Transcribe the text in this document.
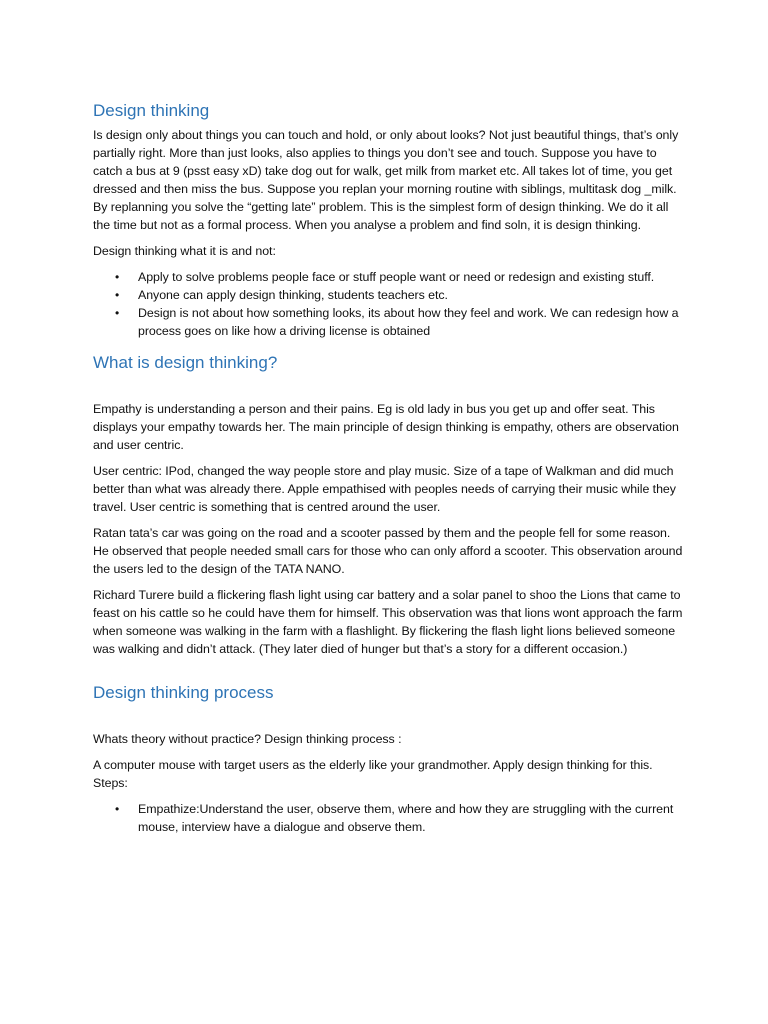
Design thinking

Is design only about things you can touch and hold, or only about looks? Not just beautiful things, that’s only partially right. More than just looks, also applies to things you don’t see and touch. Suppose you have to catch a bus at 9 (psst easy xD) take dog out for walk, get milk from market etc. All takes lot of time, you get dressed and then miss the bus. Suppose you replan your morning routine with siblings, multitask dog _milk. By replanning you solve the “getting late” problem. This is the simplest form of design thinking. We do it all the time but not as a formal process. When you analyse a problem and find soln, it is design thinking.

Design thinking what it is and not:

• Apply to solve problems people face or stuff people want or need or redesign and existing stuff.
• Anyone can apply design thinking, students teachers etc.
• Design is not about how something looks, its about how they feel and work. We can redesign how a process goes on like how a driving license is obtained
What is design thinking?

Empathy is understanding a person and their pains. Eg is old lady in bus you get up and offer seat. This displays your empathy towards her. The main principle of design thinking is empathy, others are observation and user centric.

User centric: IPod, changed the way people store and play music. Size of a tape of Walkman and did much better than what was already there. Apple empathised with peoples needs of carrying their music while they travel. User centric is something that is centred around the user.

Ratan tata’s car was going on the road and a scooter passed by them and the people fell for some reason. He observed that people needed small cars for those who can only afford a scooter. This observation around the users led to the design of the TATA NANO.

Richard Turere build a flickering flash light using car battery and a solar panel to shoo the Lions that came to feast on his cattle so he could have them for himself. This observation was that lions wont approach the farm when someone was walking in the farm with a flashlight. By flickering the flash light lions believed someone was walking and didn’t attack. (They later died of hunger but that’s a story for a different occasion.)

Design thinking process

Whats theory without practice? Design thinking process :

A computer mouse with target users as the elderly like your grandmother. Apply design thinking for this. Steps:

• Empathize:Understand the user, observe them, where and how they are struggling with the current mouse, interview have a dialogue and observe them.
